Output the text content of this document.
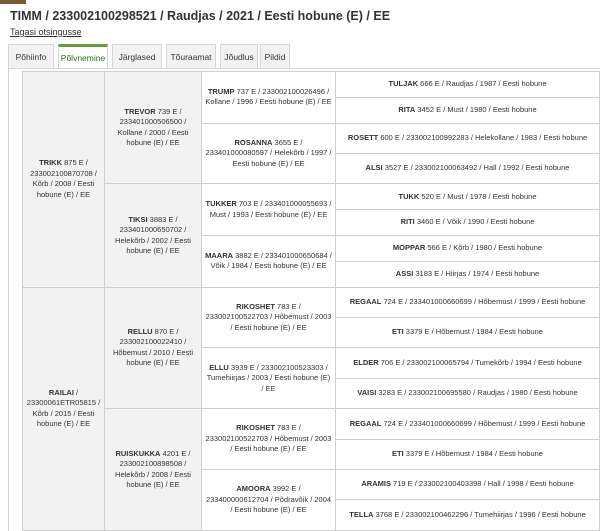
TIMM / 233002100298521 / Raudjas / 2021 / Eesti hobune (E) / EE
Tagasi otsingusse
Põhiinfo	Põlvnemine	Järglased	Tõuraamat	Jõudlus	Pildid
TRIKK 875 E / 233002100870708 / Kõrb / 2008 / Eesti hobune (E) / EE	TREVOR 739 E / 233401000506500 / Kollane / 2000 / Eesti hobune (E) / EE	TRUMP 737 E / 233002100026496 / Kollane / 1996 / Eesti hobune (E) / EE	TULJAK 666 E / Raudjas / 1987 / Eesti hobune
			RITA 3452 E / Must / 1980 / Eesti hobune
		ROSANNA 3655 E / 233401000080597 / Helekõrb / 1997 / Eesti hobune (E) / EE	ROSETT 600 E / 233002100992283 / Helekollane / 1983 / Eesti hobune
			ALSI 3527 E / 233002100063492 / Hall / 1992 / Eesti hobune
	TIKSI 3883 E / 233401000650702 / Helekõrb / 2002 / Eesti hobune (E) / EE	TUKKER 703 E / 233401000055693 / Must / 1993 / Eesti hobune (E) / EE	TUKK 520 E / Must / 1978 / Eesti hobune
			RITI 3460 E / Võik / 1990 / Eesti hobune
		MAARA 3882 E / 233401000650684 / Võik / 1984 / Eesti hobune (E) / EE	MOPPAR 566 E / Kõrb / 1980 / Eesti hobune
			ASSI 3183 E / Hiirjas / 1974 / Eesti hobune
RAILAI / 23300061ETR05815 / Kõrb / 2015 / Eesti hobune (E) / EE	RELLU 870 E / 233002100022410 / Hõbemust / 2010 / Eesti hobune (E) / EE	RIKOSHET 783 E / 233002100522703 / Hõbemust / 2003 / Eesti hobune (E) / EE	REGAAL 724 E / 233401000660699 / Hõbemust / 1999 / Eesti hobune
			ETI 3379 E / Hõbemust / 1984 / Eesti hobune
		ELLU 3939 E / 233002100523303 / Tumehiirjas / 2003 / Eesti hobune (E) / EE	ELDER 706 E / 233002100065794 / Tumekõrb / 1994 / Eesti hobune
			VAISI 3283 E / 233002100695580 / Raudjas / 1980 / Eesti hobune
	RUISKUKKA 4201 E / 233002100898508 / Helekõrb / 2008 / Eesti hobune (E) / EE	RIKOSHET 783 E / 233002100522703 / Hõbemust / 2003 / Eesti hobune (E) / EE	REGAAL 724 E / 233401000660699 / Hõbemust / 1999 / Eesti hobune
			ETI 3379 E / Hõbemust / 1984 / Eesti hobune
		AMOORA 3992 E / 233400000612704 / Põdravõik / 2004 / Eesti hobune (E) / EE	ARAMIS 719 E / 233002100403398 / Hall / 1998 / Eesti hobune
			TELLA 3768 E / 233002100462296 / Tumehiirjas / 1996 / Eesti hobune
